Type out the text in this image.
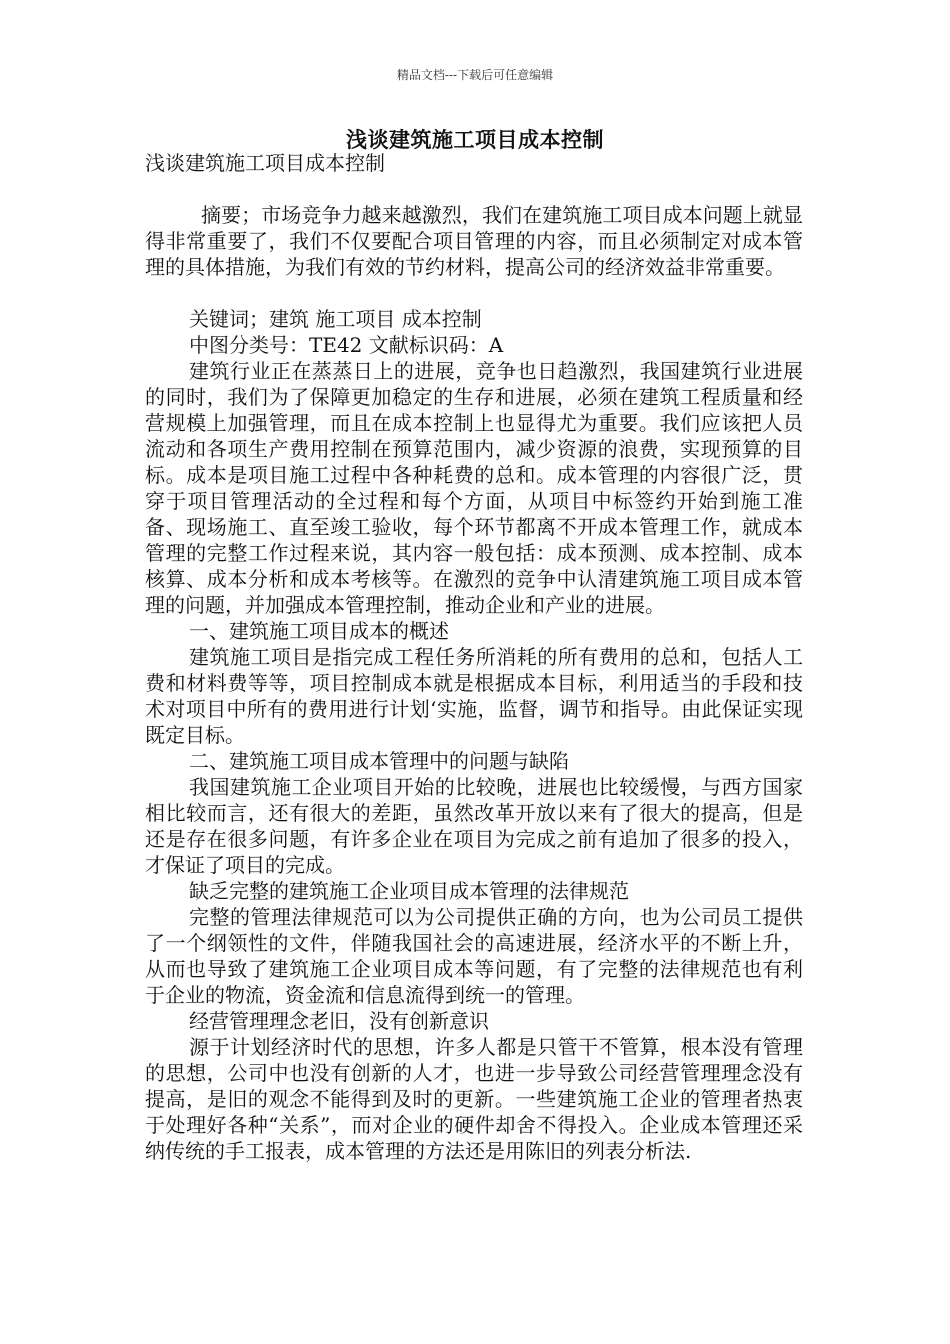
精品文档---下载后可任意编辑
浅谈建筑施工项目成本控制

浅谈建筑施工项目成本控制

摘要；市场竞争力越来越激烈，我们在建筑施工项目成本问题上就显得非常重要了，我们不仅要配合项目管理的内容，而且必须制定对成本管理的具体措施，为我们有效的节约材料，提高公司的经济效益非常重要。

关键词；建筑 施工项目 成本控制

中图分类号：TE42 文献标识码：A

建筑行业正在蒸蒸日上的进展，竞争也日趋激烈，我国建筑行业进展的同时，我们为了保障更加稳定的生存和进展，必须在建筑工程质量和经营规模上加强管理，而且在成本控制上也显得尤为重要。我们应该把人员流动和各项生产费用控制在预算范围内，减少资源的浪费，实现预算的目标。成本是项目施工过程中各种耗费的总和。成本管理的内容很广泛，贯穿于项目管理活动的全过程和每个方面，从项目中标签约开始到施工准备、现场施工、直至竣工验收，每个环节都离不开成本管理工作，就成本管理的完整工作过程来说，其内容一般包括：成本预测、成本控制、成本核算、成本分析和成本考核等。在激烈的竞争中认清建筑施工项目成本管理的问题，并加强成本管理控制，推动企业和产业的进展。

一、建筑施工项目成本的概述

建筑施工项目是指完成工程任务所消耗的所有费用的总和，包括人工费和材料费等等，项目控制成本就是根据成本目标，利用适当的手段和技术对项目中所有的费用进行计划‘实施，监督，调节和指导。由此保证实现既定目标。

二、建筑施工项目成本管理中的问题与缺陷

我国建筑施工企业项目开始的比较晚，进展也比较缓慢，与西方国家相比较而言，还有很大的差距，虽然改革开放以来有了很大的提高，但是还是存在很多问题，有许多企业在项目为完成之前有追加了很多的投入，才保证了项目的完成。

缺乏完整的建筑施工企业项目成本管理的法律规范

完整的管理法律规范可以为公司提供正确的方向，也为公司员工提供了一个纲领性的文件，伴随我国社会的高速进展，经济水平的不断上升，从而也导致了建筑施工企业项目成本等问题，有了完整的法律规范也有利于企业的物流，资金流和信息流得到统一的管理。

经营管理理念老旧，没有创新意识

源于计划经济时代的思想，许多人都是只管干不管算，根本没有管理的思想，公司中也没有创新的人才，也进一步导致公司经营管理理念没有提高，是旧的观念不能得到及时的更新。一些建筑施工企业的管理者热衷于处理好各种“关系”，而对企业的硬件却舍不得投入。企业成本管理还采纳传统的手工报表，成本管理的方法还是用陈旧的列表分析法.
